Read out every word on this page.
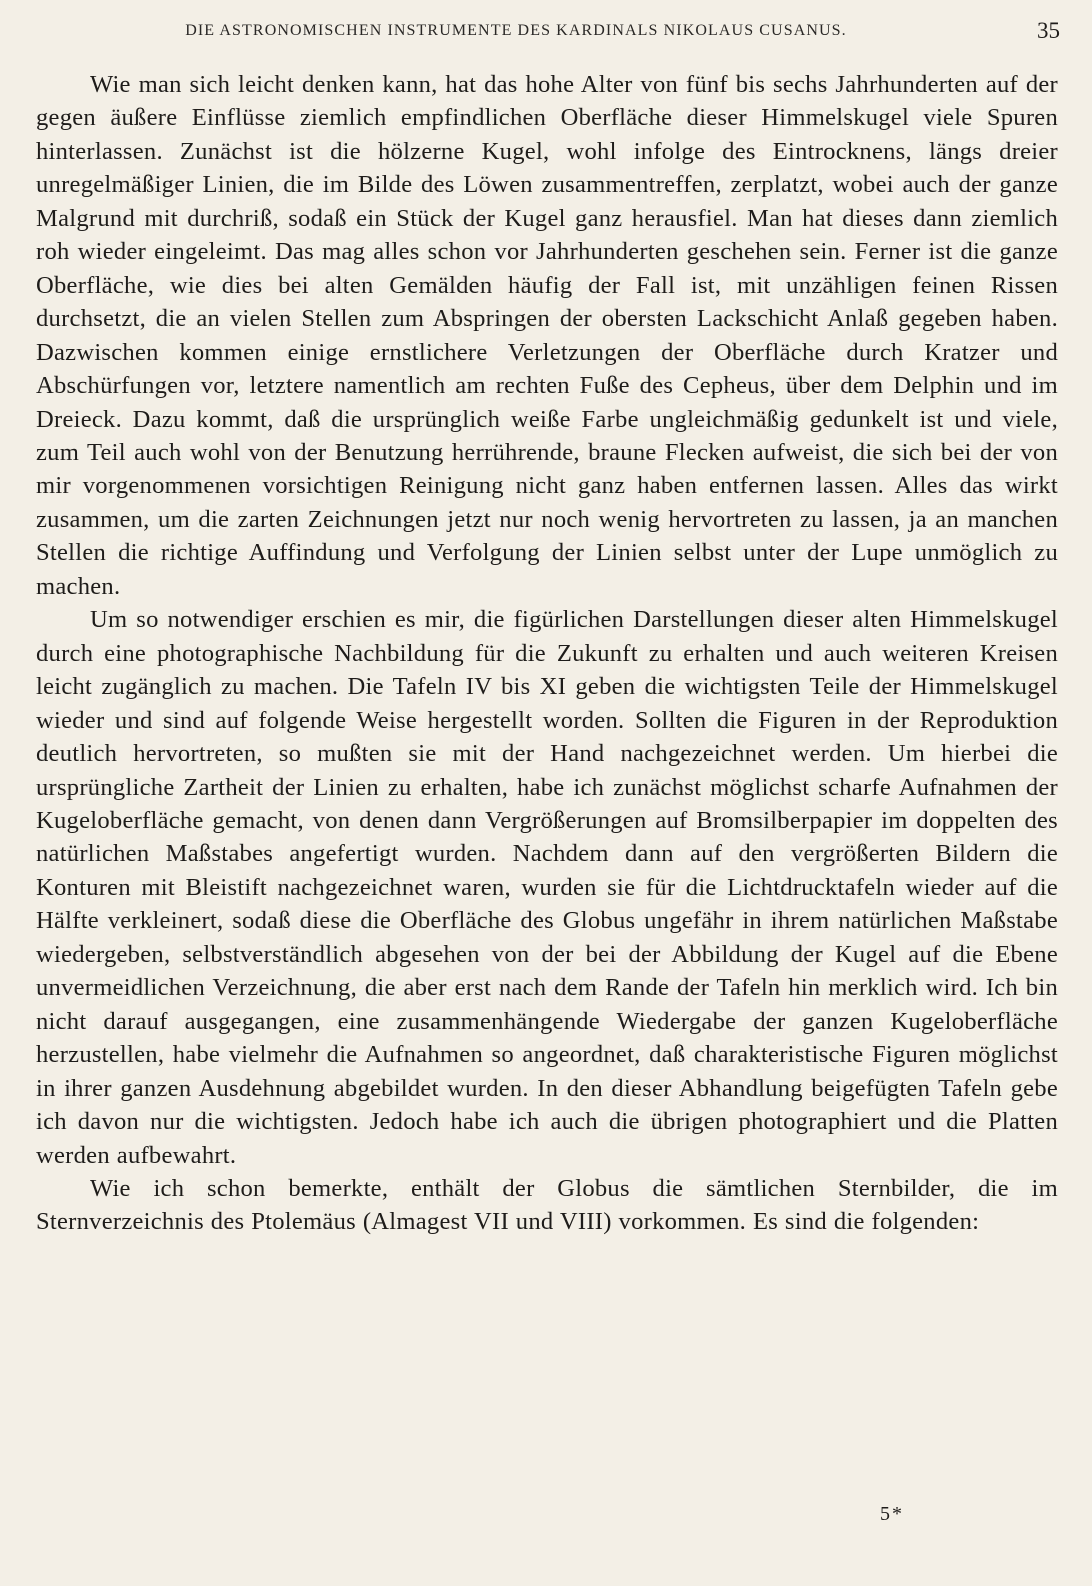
DIE ASTRONOMISCHEN INSTRUMENTE DES KARDINALS NIKOLAUS CUSANUS.	35

Wie man sich leicht denken kann, hat das hohe Alter von fünf bis sechs Jahrhunderten auf der gegen äußere Einflüsse ziemlich empfindlichen Oberfläche dieser Himmelskugel viele Spuren hinterlassen. Zunächst ist die hölzerne Kugel, wohl infolge des Eintrocknens, längs dreier unregelmäßiger Linien, die im Bilde des Löwen zusammentreffen, zerplatzt, wobei auch der ganze Malgrund mit durchriß, sodaß ein Stück der Kugel ganz herausfiel. Man hat dieses dann ziemlich roh wieder eingeleimt. Das mag alles schon vor Jahrhunderten geschehen sein. Ferner ist die ganze Oberfläche, wie dies bei alten Gemälden häufig der Fall ist, mit unzähligen feinen Rissen durchsetzt, die an vielen Stellen zum Abspringen der obersten Lackschicht Anlaß gegeben haben. Dazwischen kommen einige ernstlichere Verletzungen der Oberfläche durch Kratzer und Abschürfungen vor, letztere namentlich am rechten Fuße des Cepheus, über dem Delphin und im Dreieck. Dazu kommt, daß die ursprünglich weiße Farbe ungleichmäßig gedunkelt ist und viele, zum Teil auch wohl von der Benutzung herrührende, braune Flecken aufweist, die sich bei der von mir vorgenommenen vorsichtigen Reinigung nicht ganz haben entfernen lassen. Alles das wirkt zusammen, um die zarten Zeichnungen jetzt nur noch wenig hervortreten zu lassen, ja an manchen Stellen die richtige Auffindung und Verfolgung der Linien selbst unter der Lupe unmöglich zu machen.

Um so notwendiger erschien es mir, die figürlichen Darstellungen dieser alten Himmelskugel durch eine photographische Nachbildung für die Zukunft zu erhalten und auch weiteren Kreisen leicht zugänglich zu machen. Die Tafeln IV bis XI geben die wichtigsten Teile der Himmelskugel wieder und sind auf folgende Weise hergestellt worden. Sollten die Figuren in der Reproduktion deutlich hervortreten, so mußten sie mit der Hand nachgezeichnet werden. Um hierbei die ursprüngliche Zartheit der Linien zu erhalten, habe ich zunächst möglichst scharfe Aufnahmen der Kugeloberfläche gemacht, von denen dann Vergrößerungen auf Bromsilberpapier im doppelten des natürlichen Maßstabes angefertigt wurden. Nachdem dann auf den vergrößerten Bildern die Konturen mit Bleistift nachgezeichnet waren, wurden sie für die Lichtdrucktafeln wieder auf die Hälfte verkleinert, sodaß diese die Oberfläche des Globus ungefähr in ihrem natürlichen Maßstabe wiedergeben, selbstverständlich abgesehen von der bei der Abbildung der Kugel auf die Ebene unvermeidlichen Verzeichnung, die aber erst nach dem Rande der Tafeln hin merklich wird. Ich bin nicht darauf ausgegangen, eine zusammenhängende Wiedergabe der ganzen Kugeloberfläche herzustellen, habe vielmehr die Aufnahmen so angeordnet, daß charakteristische Figuren möglichst in ihrer ganzen Ausdehnung abgebildet wurden. In den dieser Abhandlung beigefügten Tafeln gebe ich davon nur die wichtigsten. Jedoch habe ich auch die übrigen photographiert und die Platten werden aufbewahrt.

Wie ich schon bemerkte, enthält der Globus die sämtlichen Sternbilder, die im Sternverzeichnis des Ptolemäus (Almagest VII und VIII) vorkommen. Es sind die folgenden:

5*
